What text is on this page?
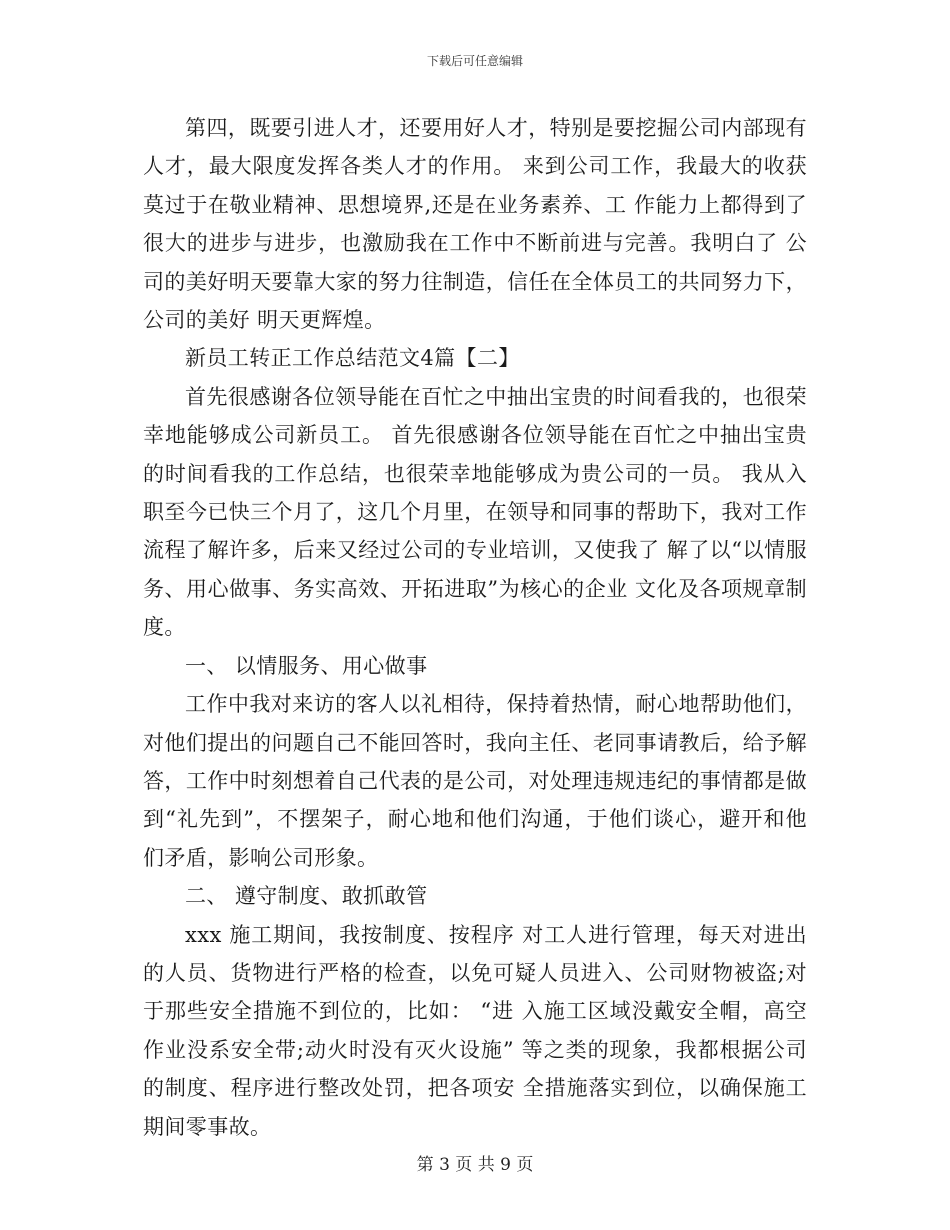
下载后可任意编辑

第四，既要引进人才，还要用好人才，特别是要挖掘公司内部现有人才，最大限度发挥各类人才的作用。 来到公司工作，我最大的收获莫过于在敬业精神、思想境界,还是在业务素养、工 作能力上都得到了很大的进步与进步，也激励我在工作中不断前进与完善。我明白了 公司的美好明天要靠大家的努力往制造，信任在全体员工的共同努力下，公司的美好 明天更辉煌。

新员工转正工作总结范文4篇【二】

首先很感谢各位领导能在百忙之中抽出宝贵的时间看我的，也很荣幸地能够成公司新员工。 首先很感谢各位领导能在百忙之中抽出宝贵的时间看我的工作总结，也很荣幸地能够成为贵公司的一员。 我从入职至今已快三个月了，这几个月里，在领导和同事的帮助下，我对工作流程了解许多，后来又经过公司的专业培训，又使我了 解了以“以情服务、用心做事、务实高效、开拓进取”为核心的企业 文化及各项规章制度。

一、 以情服务、用心做事

工作中我对来访的客人以礼相待，保持着热情，耐心地帮助他们，对他们提出的问题自己不能回答时，我向主任、老同事请教后，给予解答，工作中时刻想着自己代表的是公司，对处理违规违纪的事情都是做到“礼先到”，不摆架子，耐心地和他们沟通，于他们谈心，避开和他们矛盾，影响公司形象。

二、 遵守制度、敢抓敢管

xxx 施工期间，我按制度、按程序 对工人进行管理，每天对进出的人员、货物进行严格的检查，以免可疑人员进入、公司财物被盗;对于那些安全措施不到位的，比如： “进 入施工区域没戴安全帽，高空作业没系安全带;动火时没有灭火设施” 等之类的现象，我都根据公司的制度、程序进行整改处罚，把各项安 全措施落实到位，以确保施工期间零事故。

第 3 页 共 9 页
